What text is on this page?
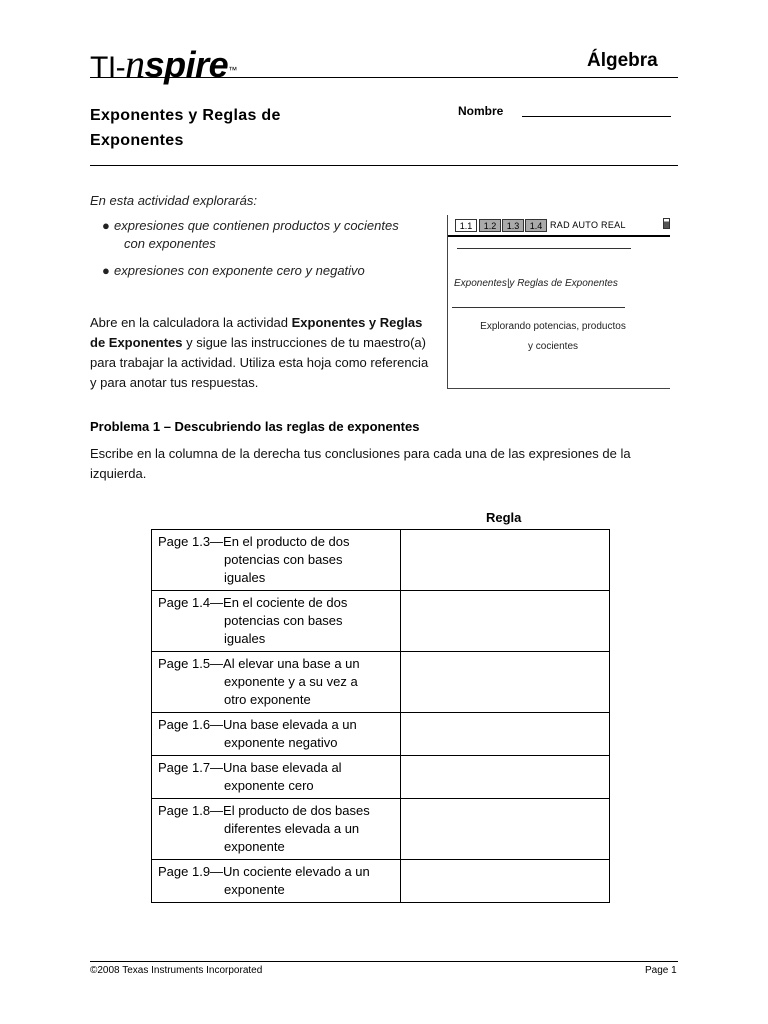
TI-nspire™	Álgebra
Exponentes y Reglas de
Exponentes
Nombre
En esta actividad explorarás:
● expresiones que contienen productos y cocientes
con exponentes
● expresiones con exponente cero y negativo
Abre en la calculadora la actividad Exponentes y Reglas de Exponentes y sigue las instrucciones de tu maestro(a) para trabajar la actividad. Utiliza esta hoja como referencia y para anotar tus respuestas.
1.1	1.2	1.3	1.4 RAD AUTO REAL
Exponentes|y Reglas de Exponentes
Explorando potencias, productos
y cocientes
Problema 1 – Descubriendo las reglas de exponentes
Escribe en la columna de la derecha tus conclusiones para cada una de las expresiones de la izquierda.
Regla
Page 1.3—En el producto de dos
potencias con bases
iguales	

Page 1.4—En el cociente de dos
potencias con bases
iguales	

Page 1.5—Al elevar una base a un
exponente y a su vez a
otro exponente	

Page 1.6—Una base elevada a un
exponente negativo	

Page 1.7—Una base elevada al
exponente cero	

Page 1.8—El producto de dos bases
diferentes elevada a un
exponente	

Page 1.9—Un cociente elevado a un
exponente	

©2008 Texas Instruments Incorporated	Page 1
